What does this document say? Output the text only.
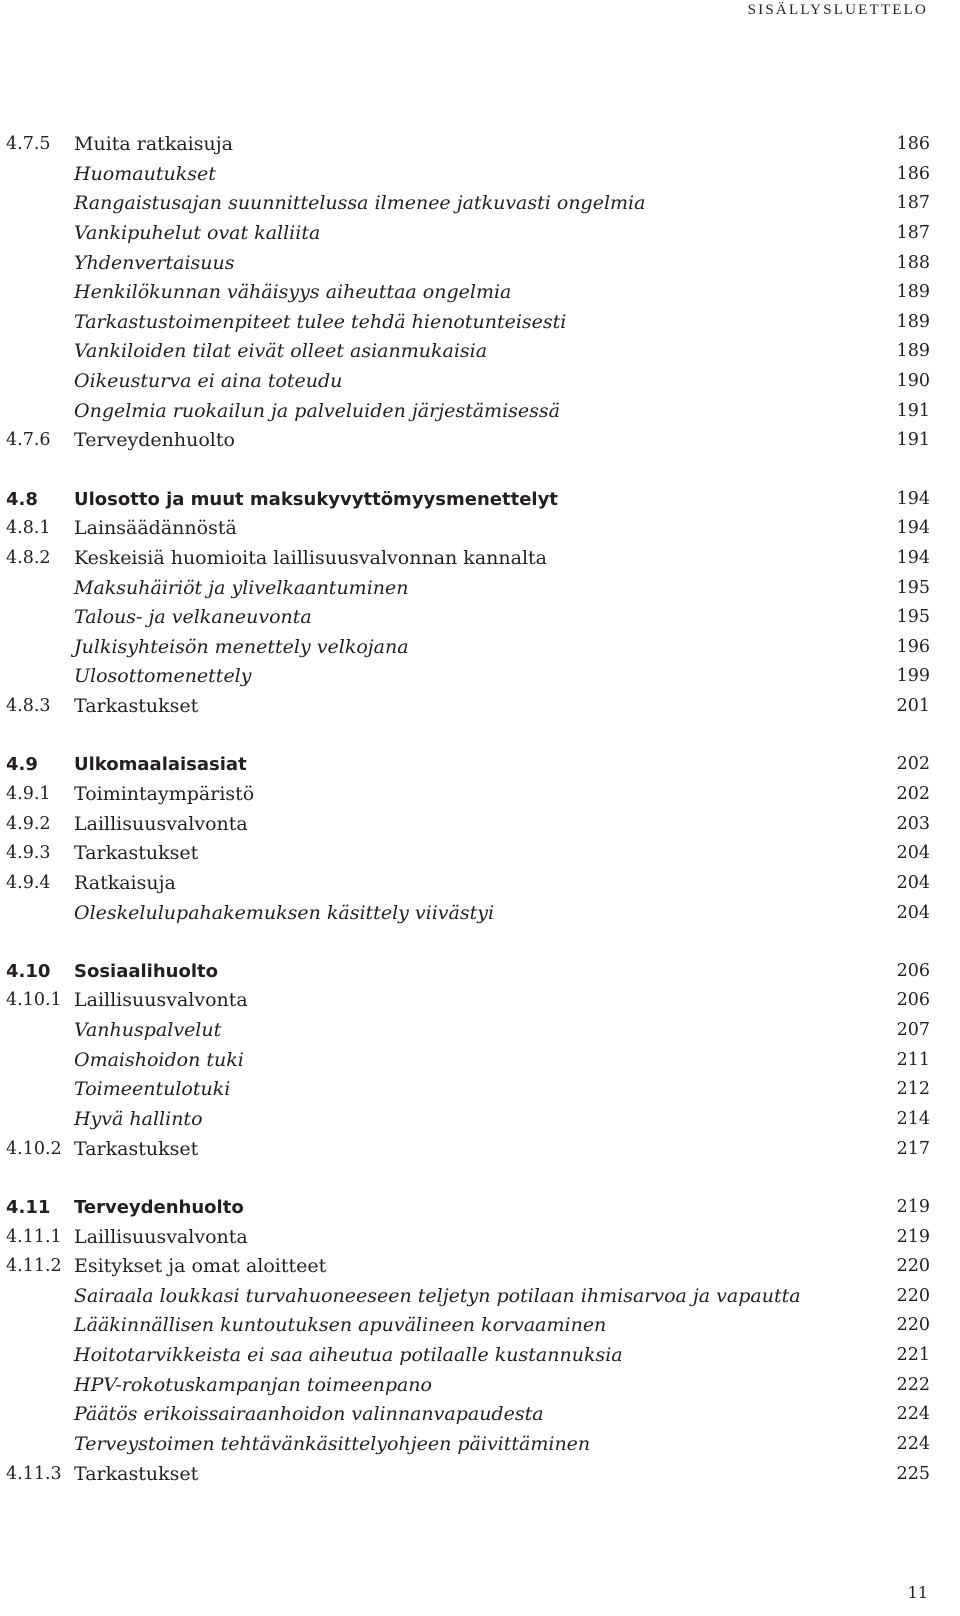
SISÄLLYSLUETTELO
4.7.5 Muita ratkaisuja	186
Huomautukset	186
Rangaistusajan suunnittelussa ilmenee jatkuvasti ongelmia	187
Vankipuhelut ovat kalliita	187
Yhdenvertaisuus	188
Henkilökunnan vähäisyys aiheuttaa ongelmia	189
Tarkastustoimenpiteet tulee tehdä hienotunteisesti	189
Vankiloiden tilat eivät olleet asianmukaisia	189
Oikeusturva ei aina toteudu	190
Ongelmia ruokailun ja palveluiden järjestämisessä	191
4.7.6 Terveydenhuolto	191
4.8 Ulosotto ja muut maksukyvyttömyysmenettelyt	194
4.8.1 Lainsäädännöstä	194
4.8.2 Keskeisiä huomioita laillisuusvalvonnan kannalta	194
Maksuhäiriöt ja ylivelkaantuminen	195
Talous- ja velkaneuvonta	195
Julkisyhteisön menettely velkojana	196
Ulosottomenettely	199
4.8.3 Tarkastukset	201
4.9 Ulkomaalaisasiat	202
4.9.1 Toimintaympäristö	202
4.9.2 Laillisuusvalvonta	203
4.9.3 Tarkastukset	204
4.9.4 Ratkaisuja	204
Oleskelulupahakemuksen käsittely viivästyi	204
4.10 Sosiaalihuolto	206
4.10.1 Laillisuusvalvonta	206
Vanhuspalvelut	207
Omaishoidon tuki	211
Toimeentulotuki	212
Hyvä hallinto	214
4.10.2 Tarkastukset	217
4.11 Terveydenhuolto	219
4.11.1 Laillisuusvalvonta	219
4.11.2 Esitykset ja omat aloitteet	220
Sairaala loukkasi turvahuoneeseen teljetyn potilaan ihmisarvoa ja vapautta	220
Lääkinnällisen kuntoutuksen apuvälineen korvaaminen	220
Hoitotarvikkeista ei saa aiheutua potilaalle kustannuksia	221
HPV-rokotuskampanjan toimeenpano	222
Päätös erikoissairaanhoidon valinnanvapaudesta	224
Terveystoimen tehtävänkäsittelyohjeen päivittäminen	224
4.11.3 Tarkastukset	225
11
